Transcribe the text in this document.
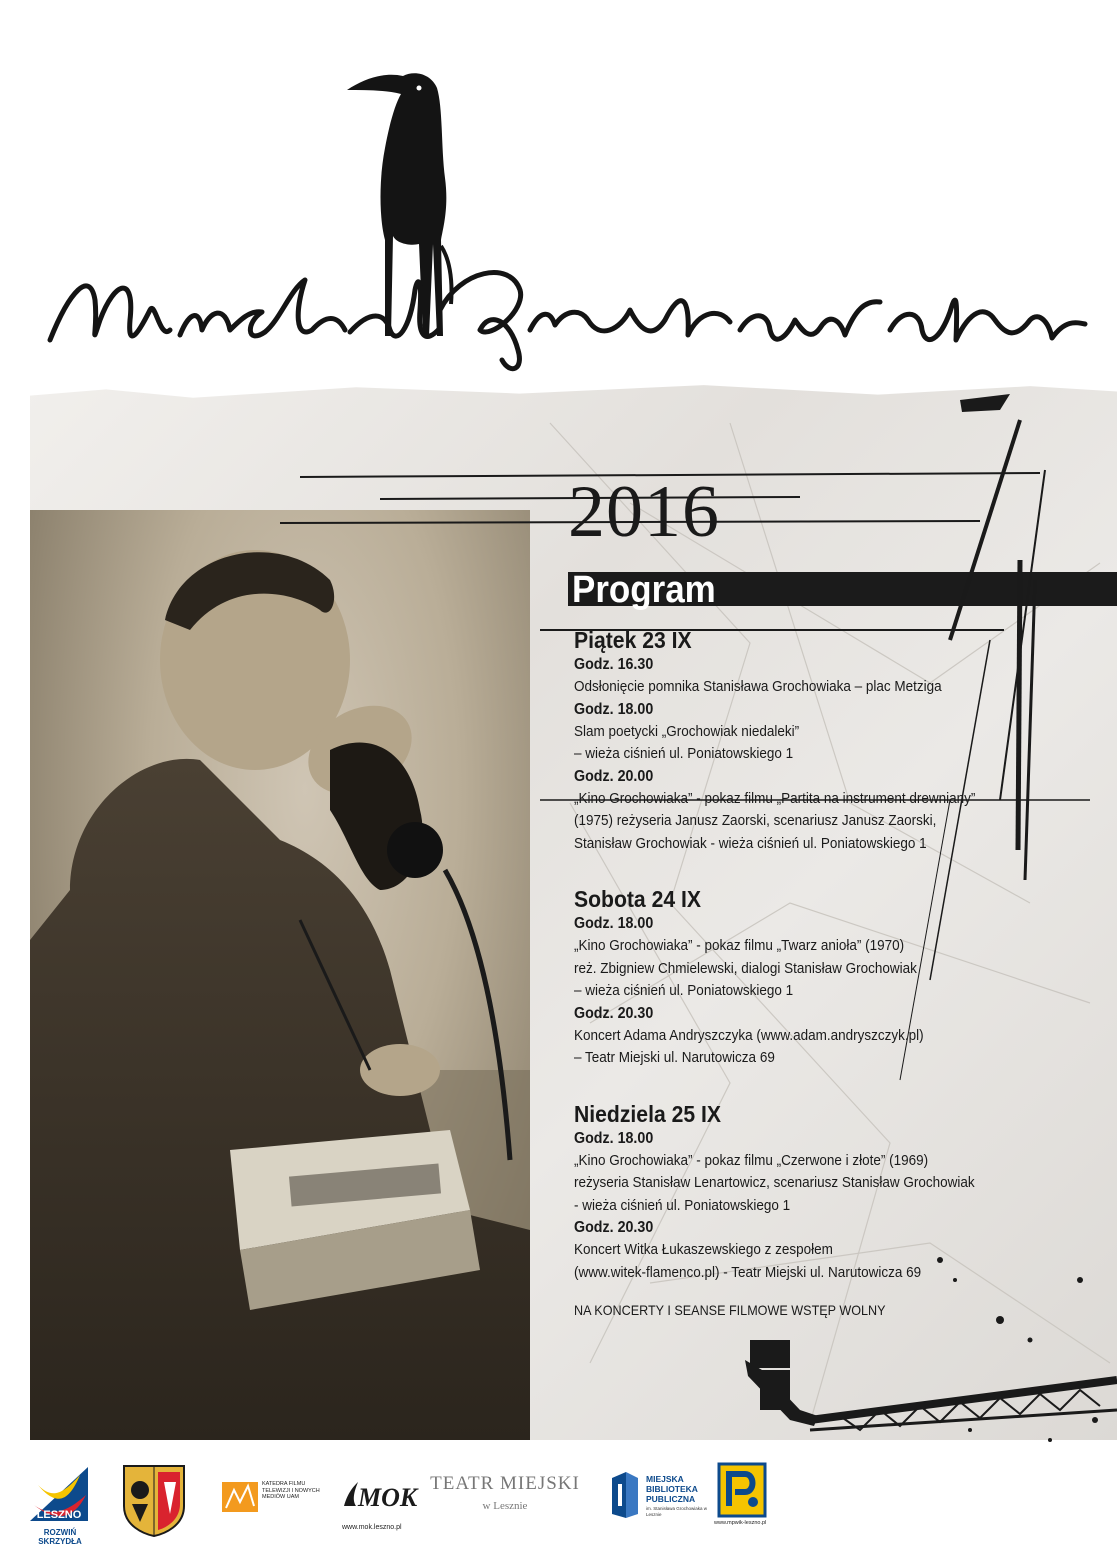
2016
Program
Piątek 23 IX
Godz. 16.30
Odsłonięcie pomnika Stanisława Grochowiaka – plac Metziga
Godz. 18.00
Slam poetycki „Grochowiak niedaleki”
– wieża ciśnień ul. Poniatowskiego 1
Godz. 20.00
„Kino Grochowiaka” - pokaz filmu „Partita na instrument drewniany”
(1975) reżyseria Janusz Zaorski, scenariusz Janusz Zaorski,
Stanisław Grochowiak - wieża ciśnień ul. Poniatowskiego 1
Sobota 24 IX
Godz. 18.00
„Kino Grochowiaka” - pokaz filmu „Twarz anioła” (1970)
reż. Zbigniew Chmielewski, dialogi Stanisław Grochowiak
– wieża ciśnień ul. Poniatowskiego 1
Godz. 20.30
Koncert Adama Andryszczyka (www.adam.andryszczyk.pl)
– Teatr Miejski ul. Narutowicza 69
Niedziela 25 IX
Godz. 18.00
„Kino Grochowiaka” - pokaz filmu „Czerwone i złote” (1969)
reżyseria Stanisław Lenartowicz, scenariusz Stanisław Grochowiak
- wieża ciśnień ul. Poniatowskiego 1
Godz. 20.30
Koncert Witka Łukaszewskiego z zespołem
(www.witek-flamenco.pl) - Teatr Miejski ul. Narutowicza 69
NA KONCERTY I SEANSE FILMOWE WSTĘP WOLNY
LESZNO
ROZWIŃ SKRZYDŁA
KATEDRA FILMU TELEWIZJI I NOWYCH MEDIÓW UAM	MOK
www.mok.leszno.pl
TEATR MIEJSKI
w Lesznie
MIEJSKA BIBLIOTEKA PUBLICZNA
im. Stanisława Grochowiaka w Lesznie
www.mpwik-leszno.pl
